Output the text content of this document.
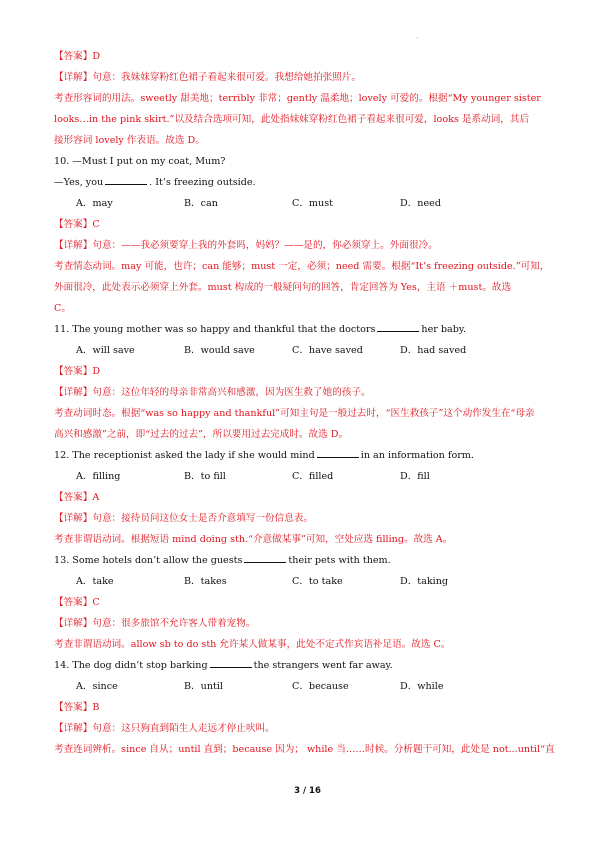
·
【答案】D
【详解】句意：我妹妹穿粉红色裙子看起来很可爱。我想给她拍张照片。
考查形容词的用法。sweetly 甜美地；terribly 非常；gently 温柔地；lovely 可爱的。根据“My younger sister
looks…in the pink skirt.”以及结合选项可知，此处指妹妹穿粉红色裙子看起来很可爱，looks 是系动词，其后
接形容词 lovely 作表语。故选 D。
10. —Must I put on my coat, Mum?
—Yes, you	. It’s freezing outside.
A．may	B．can	C．must	D．need
【答案】C
【详解】句意：——我必须要穿上我的外套吗，妈妈？——是的，你必须穿上。外面很冷。
考查情态动词。may 可能，也许；can 能够；must 一定，必须；need 需要。根据“It’s freezing outside.”可知，
外面很冷，此处表示必须穿上外套。must 构成的一般疑问句的回答，肯定回答为 Yes，主语 ＋must。故选
C。
11. The young mother was so happy and thankful that the doctors	her baby.
A．will save	B．would save	C．have saved	D．had saved
【答案】D
【详解】句意：这位年轻的母亲非常高兴和感激，因为医生救了她的孩子。
考查动词时态。根据“was so happy and thankful”可知主句是一般过去时，“医生救孩子”这个动作发生在“母亲
高兴和感激”之前，即“过去的过去”，所以要用过去完成时。故选 D。
12. The receptionist asked the lady if she would mind	in an information form.
A．filling	B．to fill	C．filled	D．fill
【答案】A
【详解】句意：接待员问这位女士是否介意填写一份信息表。
考查非谓语动词。根据短语 mind doing sth.“介意做某事”可知，空处应选 filling。故选 A。
13. Some hotels don’t allow the guests	their pets with them.
A．take	B．takes	C．to take	D．taking
【答案】C
【详解】句意：很多旅馆不允许客人带着宠物。
考查非谓语动词。allow sb to do sth 允许某人做某事，此处不定式作宾语补足语。故选 C。
14. The dog didn’t stop barking	the strangers went far away.
A．since	B．until	C．because	D．while
【答案】B
【详解】句意：这只狗直到陌生人走远才停止吠叫。
考查连词辨析。since 自从；until 直到；because 因为； while 当……时候。分析题干可知，此处是 not...until“直
3 / 16
